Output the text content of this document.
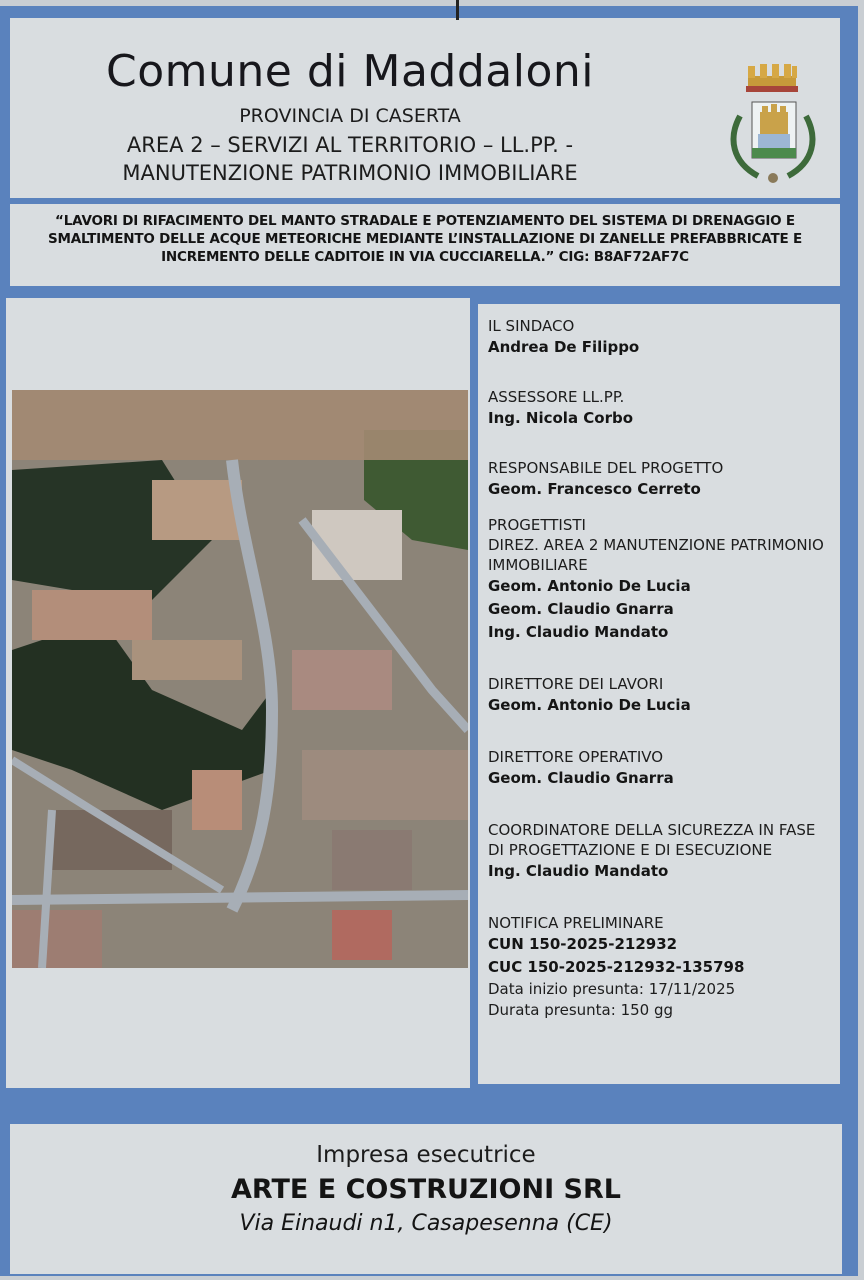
Comune di Maddaloni
PROVINCIA DI CASERTA
AREA 2 – SERVIZI AL TERRITORIO – LL.PP. -
MANUTENZIONE PATRIMONIO IMMOBILIARE
“LAVORI DI RIFACIMENTO DEL MANTO STRADALE E POTENZIAMENTO DEL SISTEMA DI DRENAGGIO E SMALTIMENTO DELLE ACQUE METEORICHE MEDIANTE L’INSTALLAZIONE DI ZANELLE PREFABBRICATE E INCREMENTO DELLE CADITOIE IN VIA CUCCIARELLA.” CIG: B8AF72AF7C
IL SINDACO
Andrea De Filippo
ASSESSORE LL.PP.
Ing. Nicola Corbo
RESPONSABILE DEL PROGETTO
Geom. Francesco Cerreto
PROGETTISTI
DIREZ. AREA 2 MANUTENZIONE PATRIMONIO IMMOBILIARE
Geom. Antonio De Lucia
Geom. Claudio Gnarra
Ing. Claudio Mandato
DIRETTORE DEI LAVORI
Geom. Antonio De Lucia
DIRETTORE OPERATIVO
Geom. Claudio Gnarra
COORDINATORE DELLA SICUREZZA IN FASE DI PROGETTAZIONE E DI ESECUZIONE
Ing. Claudio Mandato
NOTIFICA PRELIMINARE
CUN 150-2025-212932
CUC 150-2025-212932-135798
Data inizio presunta: 17/11/2025
Durata presunta: 150 gg
Impresa esecutrice
ARTE E COSTRUZIONI SRL
Via Einaudi n1, Casapesenna (CE)
